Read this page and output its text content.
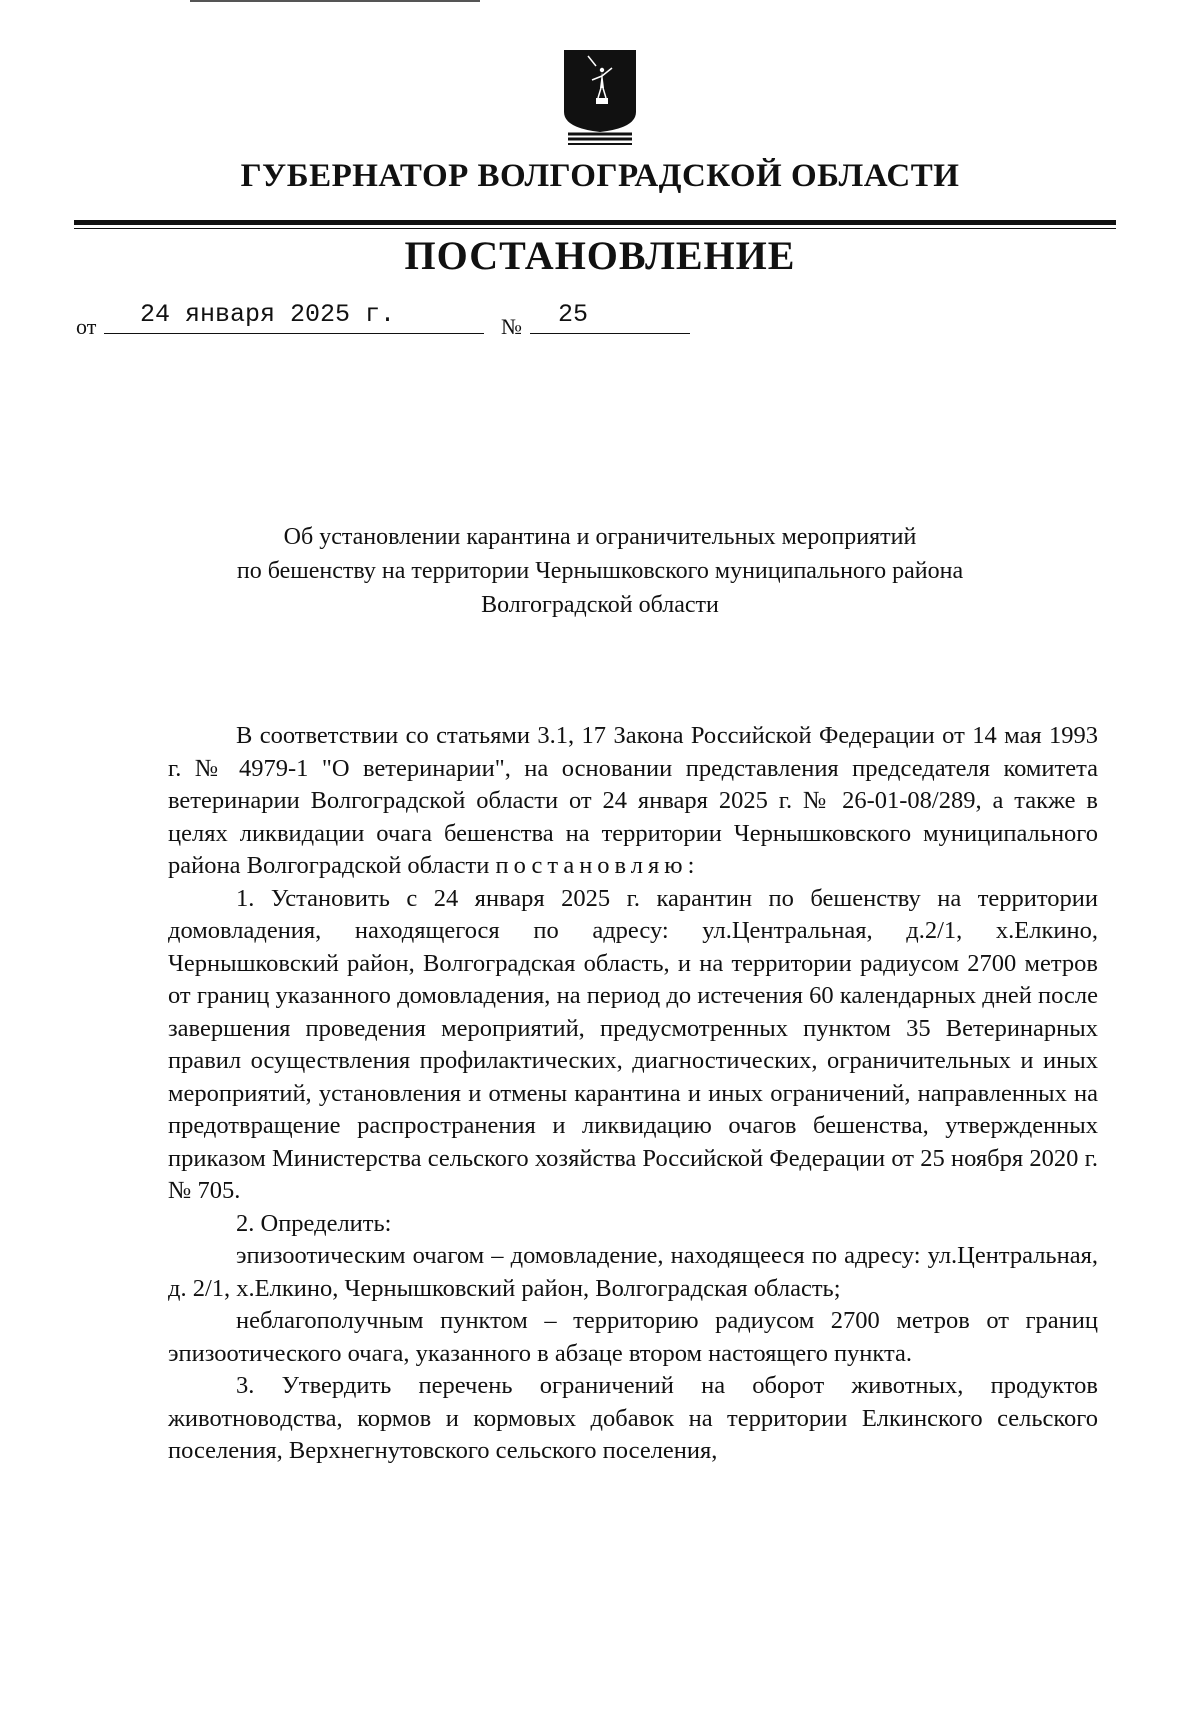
ГУБЕРНАТОР ВОЛГОГРАДСКОЙ ОБЛАСТИ
ПОСТАНОВЛЕНИЕ
от	24 января 2025 г.	№	25
Об установлении карантина и ограничительных мероприятий
по бешенству на территории Чернышковского муниципального района
Волгоградской области

В соответствии со статьями 3.1, 17 Закона Российской Федерации от 14 мая 1993 г. № 4979-1 "О ветеринарии", на основании представления председателя комитета ветеринарии Волгоградской области от 24 января 2025 г. № 26-01-08/289, а также в целях ликвидации очага бешенства на территории Чернышковского муниципального района Волгоградской области постановляю:

1. Установить с 24 января 2025 г. карантин по бешенству на территории домовладения, находящегося по адресу: ул.Центральная, д.2/1, х.Елкино, Чернышковский район, Волгоградская область, и на территории радиусом 2700 метров от границ указанного домовладения, на период до истечения 60 календарных дней после завершения проведения мероприятий, предусмотренных пунктом 35 Ветеринарных правил осуществления профилактических, диагностических, ограничительных и иных мероприятий, установления и отмены карантина и иных ограничений, направленных на предотвращение распространения и ликвидацию очагов бешенства, утвержденных приказом Министерства сельского хозяйства Российской Федерации от 25 ноября 2020 г. № 705.

2. Определить:

эпизоотическим очагом – домовладение, находящееся по адресу: ул.Центральная, д. 2/1, х.Елкино, Чернышковский район, Волгоградская область;

неблагополучным пунктом – территорию радиусом 2700 метров от границ эпизоотического очага, указанного в абзаце втором настоящего пункта.

3. Утвердить перечень ограничений на оборот животных, продуктов животноводства, кормов и кормовых добавок на территории Елкинского сельского поселения, Верхнегнутовского сельского поселения,
